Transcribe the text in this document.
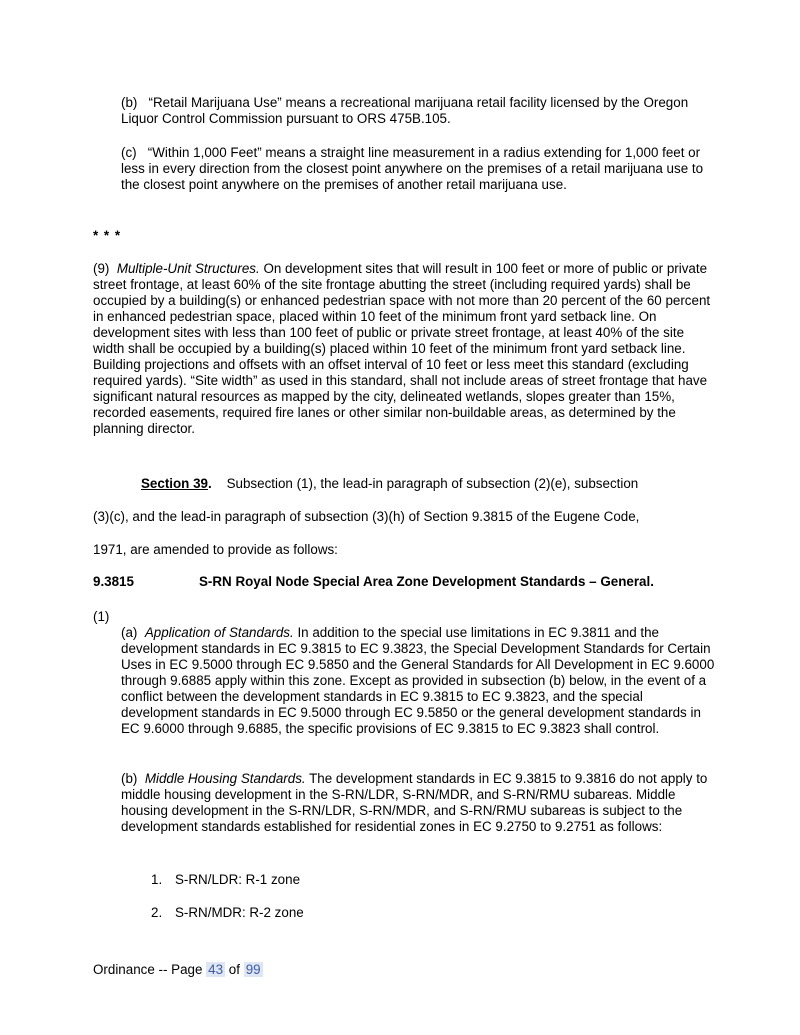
(b) “Retail Marijuana Use” means a recreational marijuana retail facility licensed by the Oregon Liquor Control Commission pursuant to ORS 475B.105.
(c) “Within 1,000 Feet” means a straight line measurement in a radius extending for 1,000 feet or less in every direction from the closest point anywhere on the premises of a retail marijuana use to the closest point anywhere on the premises of another retail marijuana use.
* * *
(9) Multiple-Unit Structures. On development sites that will result in 100 feet or more of public or private street frontage, at least 60% of the site frontage abutting the street (including required yards) shall be occupied by a building(s) or enhanced pedestrian space with not more than 20 percent of the 60 percent in enhanced pedestrian space, placed within 10 feet of the minimum front yard setback line. On development sites with less than 100 feet of public or private street frontage, at least 40% of the site width shall be occupied by a building(s) placed within 10 feet of the minimum front yard setback line. Building projections and offsets with an offset interval of 10 feet or less meet this standard (excluding required yards). “Site width” as used in this standard, shall not include areas of street frontage that have significant natural resources as mapped by the city, delineated wetlands, slopes greater than 15%, recorded easements, required fire lanes or other similar non-buildable areas, as determined by the planning director.
Section 39. Subsection (1), the lead-in paragraph of subsection (2)(e), subsection
(3)(c), and the lead-in paragraph of subsection (3)(h) of Section 9.3815 of the Eugene Code,
1971, are amended to provide as follows:
9.3815	S-RN Royal Node Special Area Zone Development Standards – General.
(1)
(a) Application of Standards. In addition to the special use limitations in EC 9.3811 and the development standards in EC 9.3815 to EC 9.3823, the Special Development Standards for Certain Uses in EC 9.5000 through EC 9.5850 and the General Standards for All Development in EC 9.6000 through 9.6885 apply within this zone. Except as provided in subsection (b) below, in the event of a conflict between the development standards in EC 9.3815 to EC 9.3823, and the special development standards in EC 9.5000 through EC 9.5850 or the general development standards in EC 9.6000 through 9.6885, the specific provisions of EC 9.3815 to EC 9.3823 shall control.
(b) Middle Housing Standards. The development standards in EC 9.3815 to 9.3816 do not apply to middle housing development in the S-RN/LDR, S-RN/MDR, and S-RN/RMU subareas. Middle housing development in the S-RN/LDR, S-RN/MDR, and S-RN/RMU subareas is subject to the development standards established for residential zones in EC 9.2750 to 9.2751 as follows:
1. S-RN/LDR: R-1 zone
2. S-RN/MDR: R-2 zone
Ordinance -- Page 43 of 99
